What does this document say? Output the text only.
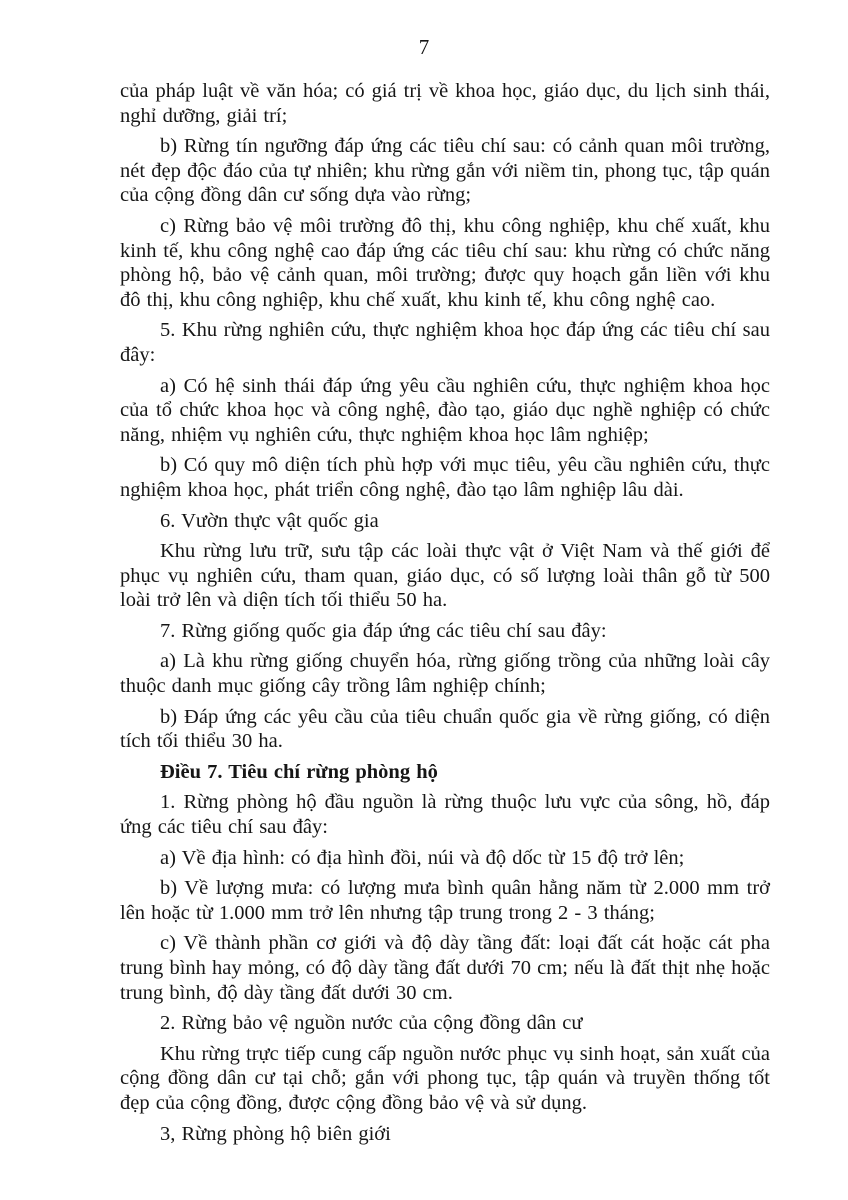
7

của pháp luật về văn hóa; có giá trị về khoa học, giáo dục, du lịch sinh thái, nghỉ dưỡng, giải trí;

b) Rừng tín ngưỡng đáp ứng các tiêu chí sau: có cảnh quan môi trường, nét đẹp độc đáo của tự nhiên; khu rừng gắn với niềm tin, phong tục, tập quán của cộng đồng dân cư sống dựa vào rừng;

c) Rừng bảo vệ môi trường đô thị, khu công nghiệp, khu chế xuất, khu kinh tế, khu công nghệ cao đáp ứng các tiêu chí sau: khu rừng có chức năng phòng hộ, bảo vệ cảnh quan, môi trường; được quy hoạch gắn liền với khu đô thị, khu công nghiệp, khu chế xuất, khu kinh tế, khu công nghệ cao.

5. Khu rừng nghiên cứu, thực nghiệm khoa học đáp ứng các tiêu chí sau đây:

a) Có hệ sinh thái đáp ứng yêu cầu nghiên cứu, thực nghiệm khoa học của tổ chức khoa học và công nghệ, đào tạo, giáo dục nghề nghiệp có chức năng, nhiệm vụ nghiên cứu, thực nghiệm khoa học lâm nghiệp;

b) Có quy mô diện tích phù hợp với mục tiêu, yêu cầu nghiên cứu, thực nghiệm khoa học, phát triển công nghệ, đào tạo lâm nghiệp lâu dài.

6. Vườn thực vật quốc gia

Khu rừng lưu trữ, sưu tập các loài thực vật ở Việt Nam và thế giới để phục vụ nghiên cứu, tham quan, giáo dục, có số lượng loài thân gỗ từ 500 loài trở lên và diện tích tối thiểu 50 ha.

7. Rừng giống quốc gia đáp ứng các tiêu chí sau đây:

a) Là khu rừng giống chuyển hóa, rừng giống trồng của những loài cây thuộc danh mục giống cây trồng lâm nghiệp chính;

b) Đáp ứng các yêu cầu của tiêu chuẩn quốc gia về rừng giống, có diện tích tối thiểu 30 ha.

Điều 7. Tiêu chí rừng phòng hộ

1. Rừng phòng hộ đầu nguồn là rừng thuộc lưu vực của sông, hồ, đáp ứng các tiêu chí sau đây:

a) Về địa hình: có địa hình đồi, núi và độ dốc từ 15 độ trở lên;

b) Về lượng mưa: có lượng mưa bình quân hằng năm từ 2.000 mm trở lên hoặc từ 1.000 mm trở lên nhưng tập trung trong 2 - 3 tháng;

c) Về thành phần cơ giới và độ dày tầng đất: loại đất cát hoặc cát pha trung bình hay mỏng, có độ dày tầng đất dưới 70 cm; nếu là đất thịt nhẹ hoặc trung bình, độ dày tầng đất dưới 30 cm.

2. Rừng bảo vệ nguồn nước của cộng đồng dân cư

Khu rừng trực tiếp cung cấp nguồn nước phục vụ sinh hoạt, sản xuất của cộng đồng dân cư tại chỗ; gắn với phong tục, tập quán và truyền thống tốt đẹp của cộng đồng, được cộng đồng bảo vệ và sử dụng.

3, Rừng phòng hộ biên giới
